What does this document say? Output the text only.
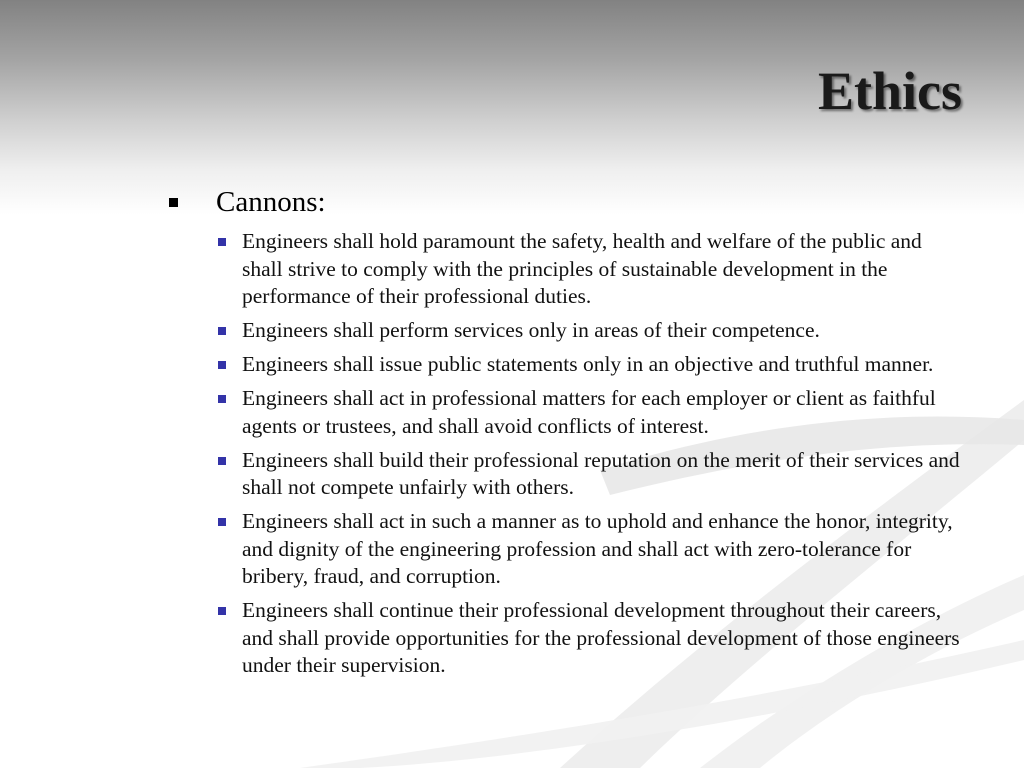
Ethics
Cannons:
Engineers shall hold paramount the safety, health and welfare of the public and shall strive to comply with the principles of sustainable development in the performance of their professional duties.
Engineers shall perform services only in areas of their competence.
Engineers shall issue public statements only in an objective and truthful manner.
Engineers shall act in professional matters for each employer or client as faithful agents or trustees, and shall avoid conflicts of interest.
Engineers shall build their professional reputation on the merit of their services and shall not compete unfairly with others.
Engineers shall act in such a manner as to uphold and enhance the honor, integrity, and dignity of the engineering profession and shall act with zero-tolerance for bribery, fraud, and corruption.
Engineers shall continue their professional development throughout their careers, and shall provide opportunities for the professional development of those engineers under their supervision.
